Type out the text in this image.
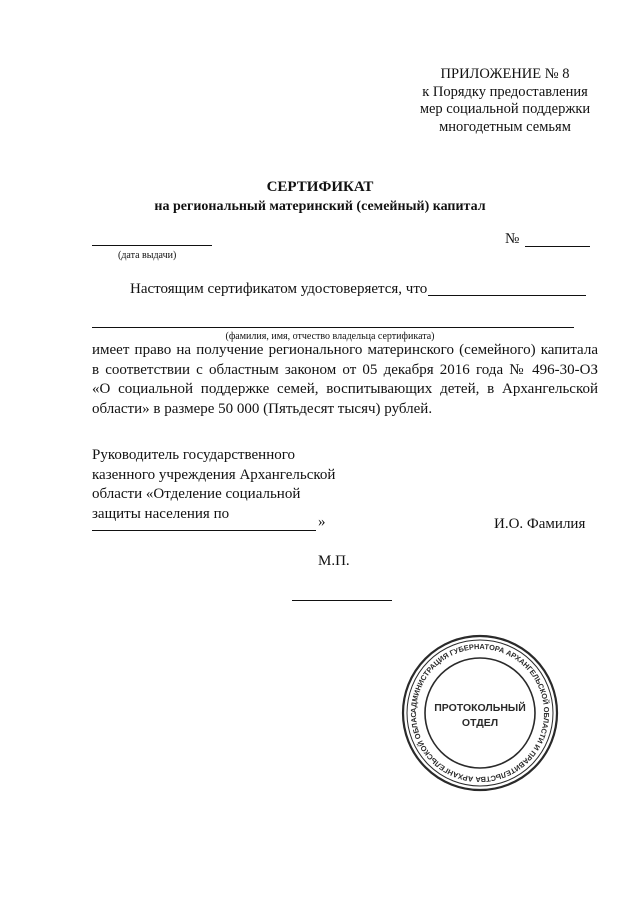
ПРИЛОЖЕНИЕ № 8
к Порядку предоставления
мер социальной поддержки
многодетным семьям
СЕРТИФИКАТ
на региональный материнский (семейный) капитал
(дата выдачи)
№
Настоящим сертификатом удостоверяется, что
(фамилия, имя, отчество владельца сертификата)
имеет право на получение регионального материнского (семейного) капитала
в соответствии с областным законом от 05 декабря 2016 года № 496-30-ОЗ
«О социальной поддержке семей, воспитывающих детей, в Архангельской
области» в размере 50 000 (Пятьдесят тысяч) рублей.
Руководитель государственного
казенного учреждения Архангельской
области «Отделение социальной
защиты населения по
»	И.О. Фамилия
М.П.
АДМИНИСТРАЦИЯ ГУБЕРНАТОРА АРХАНГЕЛЬСКОЙ ОБЛАСТИ И ПРАВИТЕЛЬСТВА АРХАНГЕЛЬСКОЙ ОБЛАС
ПРОТОКОЛЬНЫЙ
ОТДЕЛ
